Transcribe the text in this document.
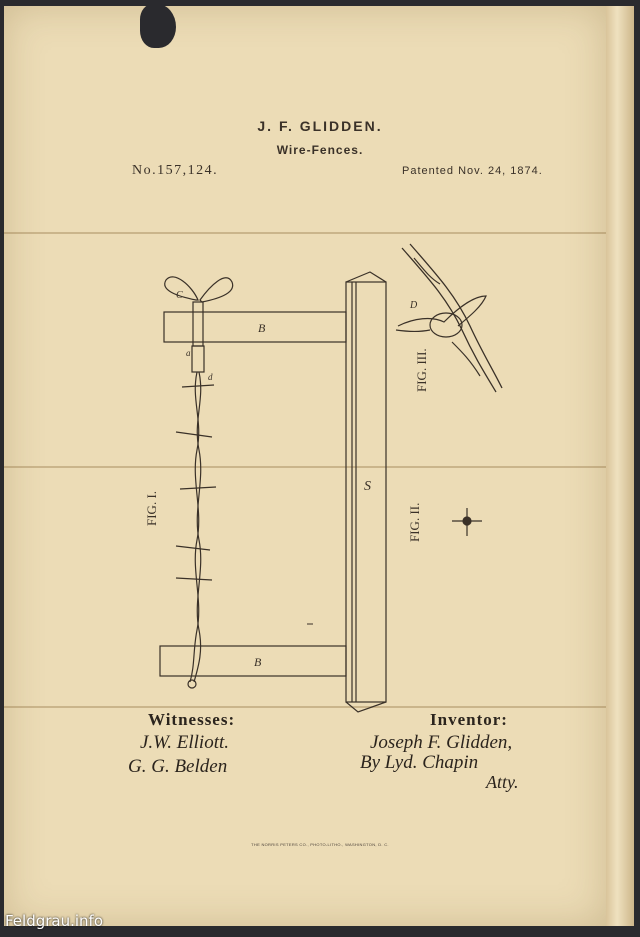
J. F. GLIDDEN.
Wire-Fences.
No.157,124.	Patented Nov. 24, 1874.
B
B
S
C
D
a
d
FIG. I.	FIG. II.
FIG. III.
Witnesses:
J.W. Elliott.
G. G. Belden
Inventor:
Joseph F. Glidden,
By Lyd. Chapin
Atty.
THE NORRIS PETERS CO., PHOTO-LITHO., WASHINGTON, D. C.
Feldgrau.info
